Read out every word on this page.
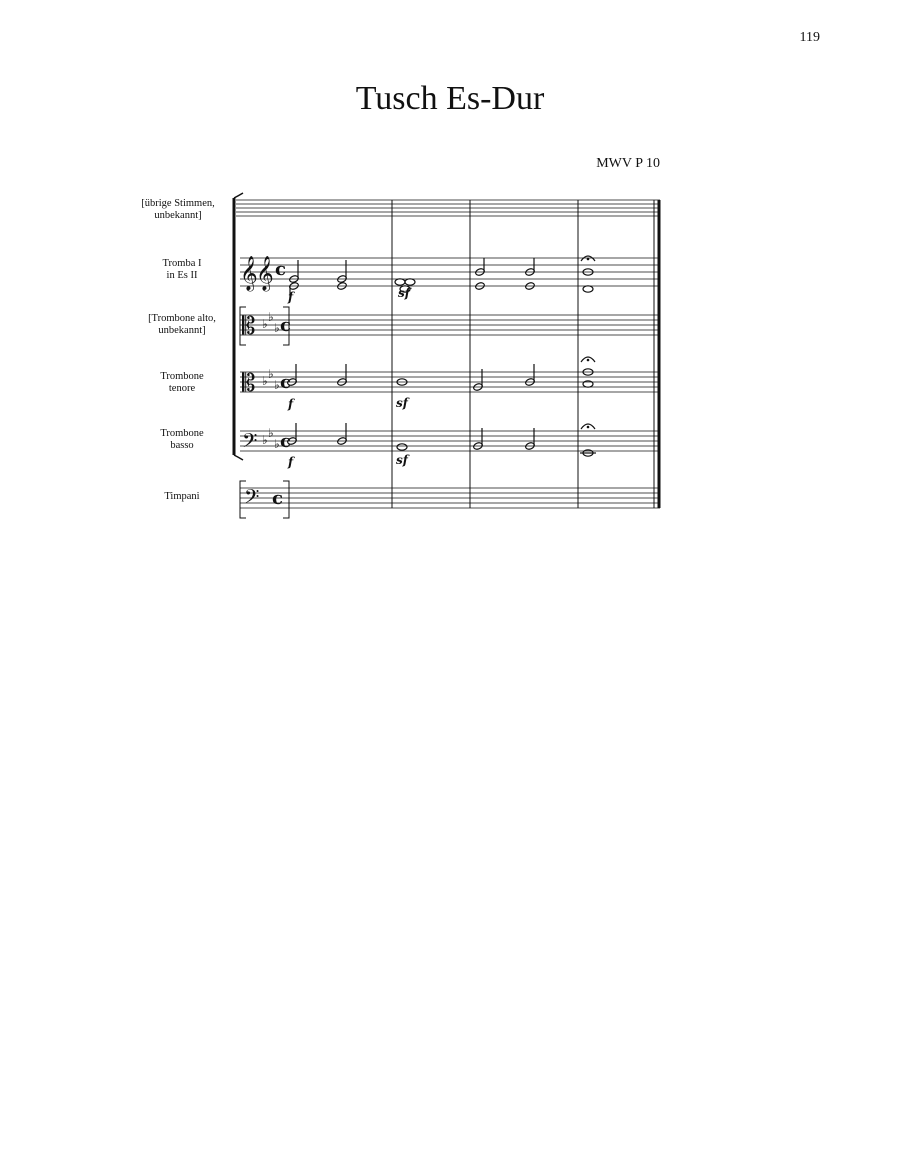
119
Tusch Es-Dur
MWV P 10
[übrige Stimmen,
unbekannt]
Tromba I
in Es II
[Trombone alto,
unbekannt]
Trombone
tenore
Trombone
basso
Timpani
𝄞
𝄞
𝄡
𝄡
𝄢
𝄢
♭ ♭
♭
♭ ♭
♭
♭ ♭
♭
c
c
c
c
c
f	sf
f	sf
f	sf
